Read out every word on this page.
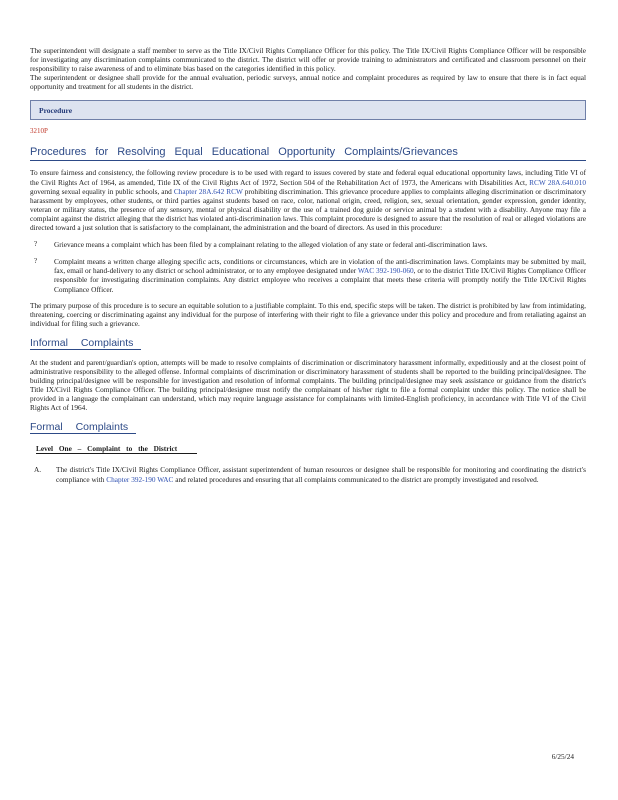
The superintendent will designate a staff member to serve as the Title IX/Civil Rights Compliance Officer for this policy. The Title IX/Civil Rights Compliance Officer will be responsible for investigating any discrimination complaints communicated to the district. The district will offer or provide training to administrators and certificated and classroom personnel on their responsibility to raise awareness of and to eliminate bias based on the categories identified in this policy.

The superintendent or designee shall provide for the annual evaluation, periodic surveys, annual notice and complaint procedures as required by law to ensure that there is in fact equal opportunity and treatment for all students in the district.

Procedure
3210P
Procedures for Resolving Equal Educational Opportunity Complaints/Grievances

To ensure fairness and consistency, the following review procedure is to be used with regard to issues covered by state and federal equal educational opportunity laws, including Title VI of the Civil Rights Act of 1964, as amended, Title IX of the Civil Rights Act of 1972, Section 504 of the Rehabilitation Act of 1973, the Americans with Disabilities Act, RCW 28A.640.010 governing sexual equality in public schools, and Chapter 28A.642 RCW prohibiting discrimination. This grievance procedure applies to complaints alleging discrimination or discriminatory harassment by employees, other students, or third parties against students based on race, color, national origin, creed, religion, sex, sexual orientation, gender expression, gender identity, veteran or military status, the presence of any sensory, mental or physical disability or the use of a trained dog guide or service animal by a student with a disability. Anyone may file a complaint against the district alleging that the district has violated anti-discrimination laws. This complaint procedure is designed to assure that the resolution of real or alleged violations are directed toward a just solution that is satisfactory to the complainant, the administration and the board of directors. As used in this procedure:

?	Grievance means a complaint which has been filed by a complainant relating to the alleged violation of any state or federal anti-discrimination laws.

?	Complaint means a written charge alleging specific acts, conditions or circumstances, which are in violation of the anti-discrimination laws. Complaints may be submitted by mail, fax, email or hand-delivery to any district or school administrator, or to any employee designated under WAC 392-190-060, or to the district Title IX/Civil Rights Compliance Officer responsible for investigating discrimination complaints. Any district employee who receives a complaint that meets these criteria will promptly notify the Title IX/Civil Rights Compliance Officer.

The primary purpose of this procedure is to secure an equitable solution to a justifiable complaint. To this end, specific steps will be taken. The district is prohibited by law from intimidating, threatening, coercing or discriminating against any individual for the purpose of interfering with their right to file a grievance under this policy and procedure and from retaliating against an individual for filing such a grievance.

Informal Complaints

At the student and parent/guardian's option, attempts will be made to resolve complaints of discrimination or discriminatory harassment informally, expeditiously and at the closest point of administrative responsibility to the alleged offense. Informal complaints of discrimination or discriminatory harassment of students shall be reported to the building principal/designee. The building principal/designee will be responsible for investigation and resolution of informal complaints. The building principal/designee may seek assistance or guidance from the district's Title IX/Civil Rights Compliance Officer. The building principal/designee must notify the complainant of his/her right to file a formal complaint under this policy. The notice shall be provided in a language the complainant can understand, which may require language assistance for complainants with limited-English proficiency, in accordance with Title VI of the Civil Rights Act of 1964.

Formal Complaints
Level One – Complaint to the District
A.	The district's Title IX/Civil Rights Compliance Officer, assistant superintendent of human resources or designee shall be responsible for monitoring and coordinating the district's compliance with Chapter 392-190 WAC and related procedures and ensuring that all complaints communicated to the district are promptly investigated and resolved.

6/25/24
